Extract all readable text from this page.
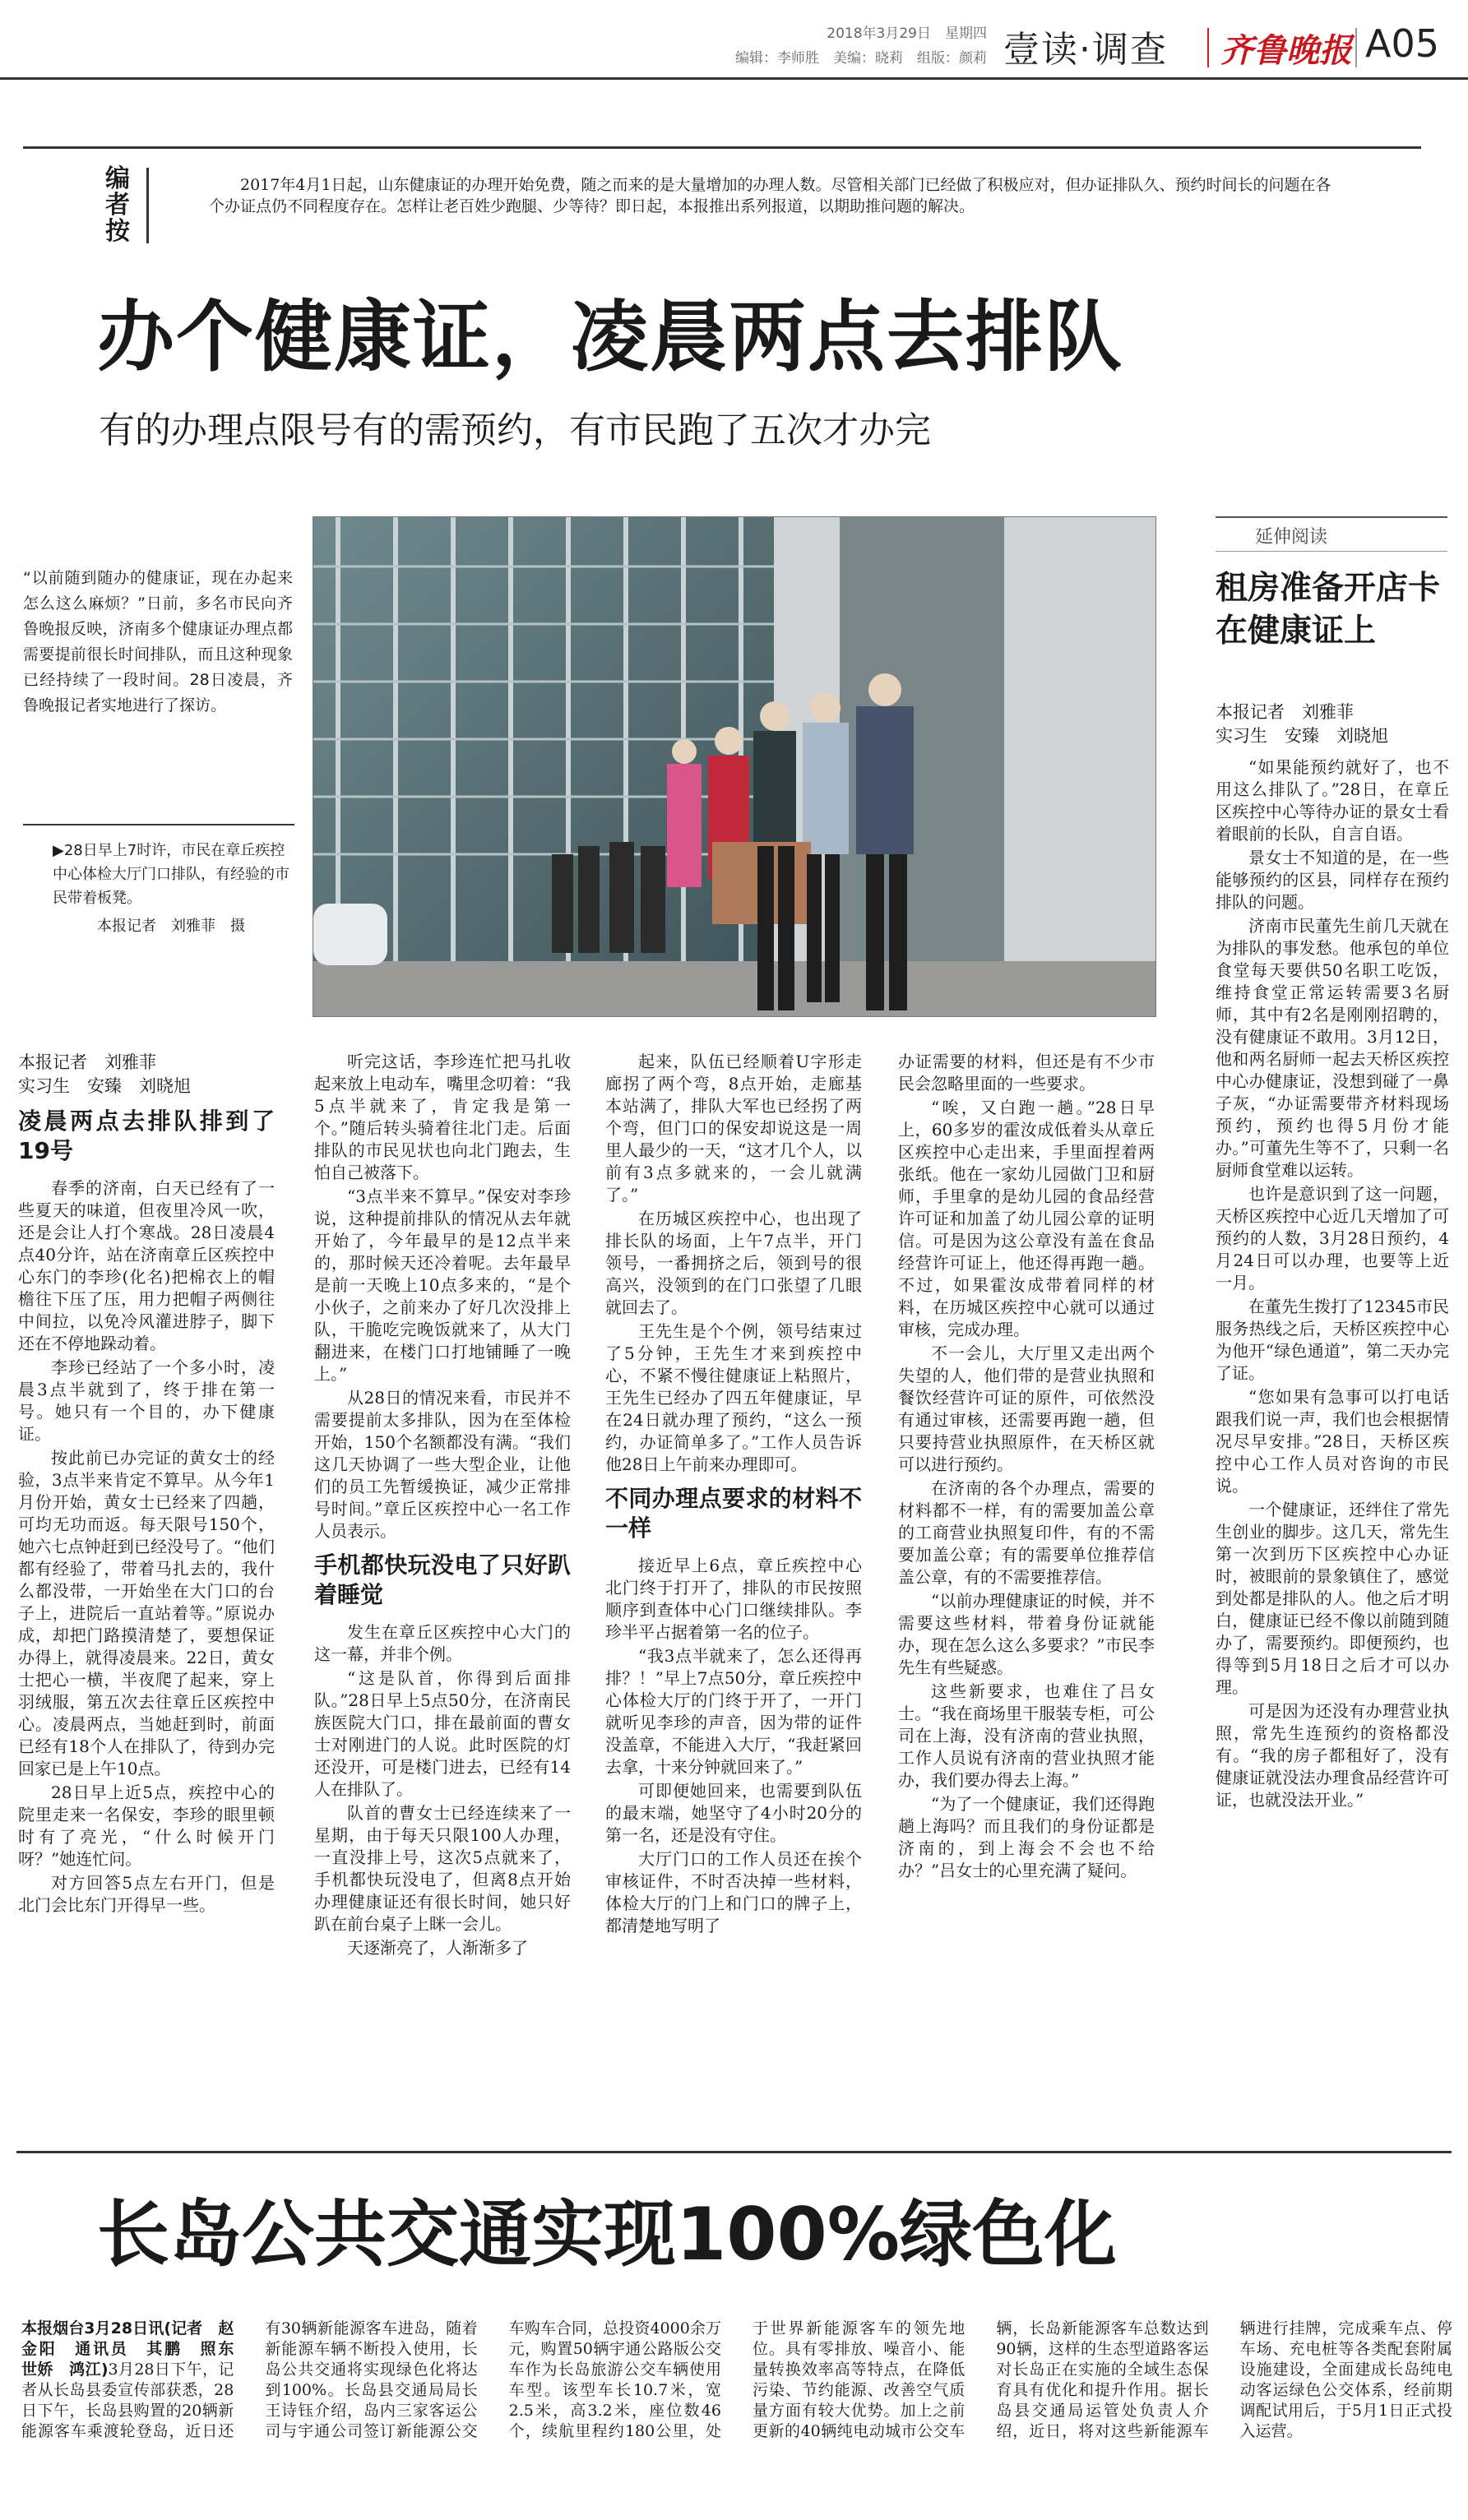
2018年3月29日　星期四
编辑：李师胜　美编：晓莉　组版：颜莉 壹读·调查 齐鲁晚报 A05
编者按
2017年4月1日起，山东健康证的办理开始免费，随之而来的是大量增加的办理人数。尽管相关部门已经做了积极应对，但办证排队久、预约时间长的问题在各个办证点仍不同程度存在。怎样让老百姓少跑腿、少等待？即日起，本报推出系列报道，以期助推问题的解决。
办个健康证，凌晨两点去排队
有的办理点限号有的需预约，有市民跑了五次才办完
“以前随到随办的健康证，现在办起来怎么这么麻烦？”日前，多名市民向齐鲁晚报反映，济南多个健康证办理点都需要提前很长时间排队，而且这种现象已经持续了一段时间。28日凌晨，齐鲁晚报记者实地进行了探访。
▶28日早上7时许，市民在章丘疾控中心体检大厅门口排队，有经验的市民带着板凳。
本报记者　刘雅菲　摄
本报记者　刘雅菲
实习生　安臻　刘晓旭
凌晨两点去排队排到了19号

春季的济南，白天已经有了一些夏天的味道，但夜里冷风一吹，还是会让人打个寒战。28日凌晨4点40分许，站在济南章丘区疾控中心东门的李珍(化名)把棉衣上的帽檐往下压了压，用力把帽子两侧往中间拉，以免冷风灌进脖子，脚下还在不停地跺动着。

李珍已经站了一个多小时，凌晨3点半就到了，终于排在第一号。她只有一个目的，办下健康证。

按此前已办完证的黄女士的经验，3点半来肯定不算早。从今年1月份开始，黄女士已经来了四趟，可均无功而返。每天限号150个，她六七点钟赶到已经没号了。“他们都有经验了，带着马扎去的，我什么都没带，一开始坐在大门口的台子上，进院后一直站着等。”原说办成，却把门路摸清楚了，要想保证办得上，就得凌晨来。22日，黄女士把心一横，半夜爬了起来，穿上羽绒服，第五次去往章丘区疾控中心。凌晨两点，当她赶到时，前面已经有18个人在排队了，待到办完回家已是上午10点。

28日早上近5点，疾控中心的院里走来一名保安，李珍的眼里顿时有了亮光，“什么时候开门呀？”她连忙问。

对方回答5点左右开门，但是北门会比东门开得早一些。

听完这话，李珍连忙把马扎收起来放上电动车，嘴里念叨着：“我5点半就来了，肯定我是第一个。”随后转头骑着往北门走。后面排队的市民见状也向北门跑去，生怕自己被落下。

“3点半来不算早。”保安对李珍说，这种提前排队的情况从去年就开始了，今年最早的是12点半来的，那时候天还冷着呢。去年最早是前一天晚上10点多来的，“是个小伙子，之前来办了好几次没排上队，干脆吃完晚饭就来了，从大门翻进来，在楼门口打地铺睡了一晚上。”

从28日的情况来看，市民并不需要提前太多排队，因为在至体检开始，150个名额都没有满。“我们这几天协调了一些大型企业，让他们的员工先暂缓换证，减少正常排号时间。”章丘区疾控中心一名工作人员表示。

手机都快玩没电了只好趴着睡觉

发生在章丘区疾控中心大门的这一幕，并非个例。

“这是队首，你得到后面排队。”28日早上5点50分，在济南民族医院大门口，排在最前面的曹女士对刚进门的人说。此时医院的灯还没开，可是楼门进去，已经有14人在排队了。

队首的曹女士已经连续来了一星期，由于每天只限100人办理，一直没排上号，这次5点就来了，手机都快玩没电了，但离8点开始办理健康证还有很长时间，她只好趴在前台桌子上眯一会儿。

天逐渐亮了，人渐渐多了

起来，队伍已经顺着U字形走廊拐了两个弯，8点开始，走廊基本站满了，排队大军也已经拐了两个弯，但门口的保安却说这是一周里人最少的一天，“这才几个人，以前有3点多就来的，一会儿就满了。”

在历城区疾控中心，也出现了排长队的场面，上午7点半，开门领号，一番拥挤之后，领到号的很高兴，没领到的在门口张望了几眼就回去了。

王先生是个个例，领号结束过了5分钟，王先生才来到疾控中心，不紧不慢往健康证上粘照片，王先生已经办了四五年健康证，早在24日就办理了预约，“这么一预约，办证简单多了。”工作人员告诉他28日上午前来办理即可。

不同办理点要求的材料不一样

接近早上6点，章丘疾控中心北门终于打开了，排队的市民按照顺序到查体中心门口继续排队。李珍半平占据着第一名的位子。

“我3点半就来了，怎么还得再排？！”早上7点50分，章丘疾控中心体检大厅的门终于开了，一开门就听见李珍的声音，因为带的证件没盖章，不能进入大厅，“我赶紧回去拿，十来分钟就回来了。”

可即便她回来，也需要到队伍的最末端，她坚守了4小时20分的第一名，还是没有守住。

大厅门口的工作人员还在挨个审核证件，不时否决掉一些材料，体检大厅的门上和门口的牌子上，都清楚地写明了

办证需要的材料，但还是有不少市民会忽略里面的一些要求。

“唉，又白跑一趟。”28日早上，60多岁的霍汝成低着头从章丘区疾控中心走出来，手里面捏着两张纸。他在一家幼儿园做门卫和厨师，手里拿的是幼儿园的食品经营许可证和加盖了幼儿园公章的证明信。可是因为这公章没有盖在食品经营许可证上，他还得再跑一趟。不过，如果霍汝成带着同样的材料，在历城区疾控中心就可以通过审核，完成办理。

不一会儿，大厅里又走出两个失望的人，他们带的是营业执照和餐饮经营许可证的原件，可依然没有通过审核，还需要再跑一趟，但只要持营业执照原件，在天桥区就可以进行预约。

在济南的各个办理点，需要的材料都不一样，有的需要加盖公章的工商营业执照复印件，有的不需要加盖公章；有的需要单位推荐信盖公章，有的不需要推荐信。

“以前办理健康证的时候，并不需要这些材料，带着身份证就能办，现在怎么这么多要求？”市民李先生有些疑惑。

这些新要求，也难住了吕女士。“我在商场里干服装专柜，可公司在上海，没有济南的营业执照，工作人员说有济南的营业执照才能办，我们要办得去上海。”

“为了一个健康证，我们还得跑趟上海吗？而且我们的身份证都是济南的，到上海会不会也不给办？”吕女士的心里充满了疑问。

延伸阅读
租房准备开店卡在健康证上
本报记者　刘雅菲
实习生　安臻　刘晓旭

“如果能预约就好了，也不用这么排队了。”28日，在章丘区疾控中心等待办证的景女士看着眼前的长队，自言自语。

景女士不知道的是，在一些能够预约的区县，同样存在预约排队的问题。

济南市民董先生前几天就在为排队的事发愁。他承包的单位食堂每天要供50名职工吃饭，维持食堂正常运转需要3名厨师，其中有2名是刚刚招聘的，没有健康证不敢用。3月12日，他和两名厨师一起去天桥区疾控中心办健康证，没想到碰了一鼻子灰，“办证需要带齐材料现场预约，预约也得5月份才能办。”可董先生等不了，只剩一名厨师食堂难以运转。

也许是意识到了这一问题，天桥区疾控中心近几天增加了可预约的人数，3月28日预约，4月24日可以办理，也要等上近一月。

在董先生拨打了12345市民服务热线之后，天桥区疾控中心为他开“绿色通道”，第二天办完了证。

“您如果有急事可以打电话跟我们说一声，我们也会根据情况尽早安排。”28日，天桥区疾控中心工作人员对咨询的市民说。

一个健康证，还绊住了常先生创业的脚步。这几天，常先生第一次到历下区疾控中心办证时，被眼前的景象镇住了，感觉到处都是排队的人。他之后才明白，健康证已经不像以前随到随办了，需要预约。即便预约，也得等到5月18日之后才可以办理。

可是因为还没有办理营业执照，常先生连预约的资格都没有。“我的房子都租好了，没有健康证就没法办理食品经营许可证，也就没法开业。”

长岛公共交通实现100%绿色化
本报烟台3月28日讯(记者　赵金阳　通讯员　其鹏　照东　世娇　鸿江)3月28日下午，记者从长岛县委宣传部获悉，28日下午，长岛县购置的20辆新能源客车乘渡轮登岛，近日还有30辆新能源客车进岛，随着新能源车辆不断投入使用，长岛公共交通将实现绿色化将达到100%。长岛县交通局局长王诗钰介绍，岛内三家客运公司与宇通公司签订新能源公交车购车合同，总投资4000余万元，购置50辆宇通公路版公交车作为长岛旅游公交车辆使用车型。该型车长10.7米，宽2.5米，高3.2米，座位数46个，续航里程约180公里，处于世界新能源客车的领先地位。具有零排放、噪音小、能量转换效率高等特点，在降低污染、节约能源、改善空气质量方面有较大优势。加上之前更新的40辆纯电动城市公交车辆，长岛新能源客车总数达到90辆，这样的生态型道路客运对长岛正在实施的全域生态保育具有优化和提升作用。据长岛县交通局运管处负责人介绍，近日，将对这些新能源车辆进行挂牌，完成乘车点、停车场、充电桩等各类配套附属设施建设，全面建成长岛纯电动客运绿色公交体系，经前期调配试用后，于5月1日正式投入运营。
